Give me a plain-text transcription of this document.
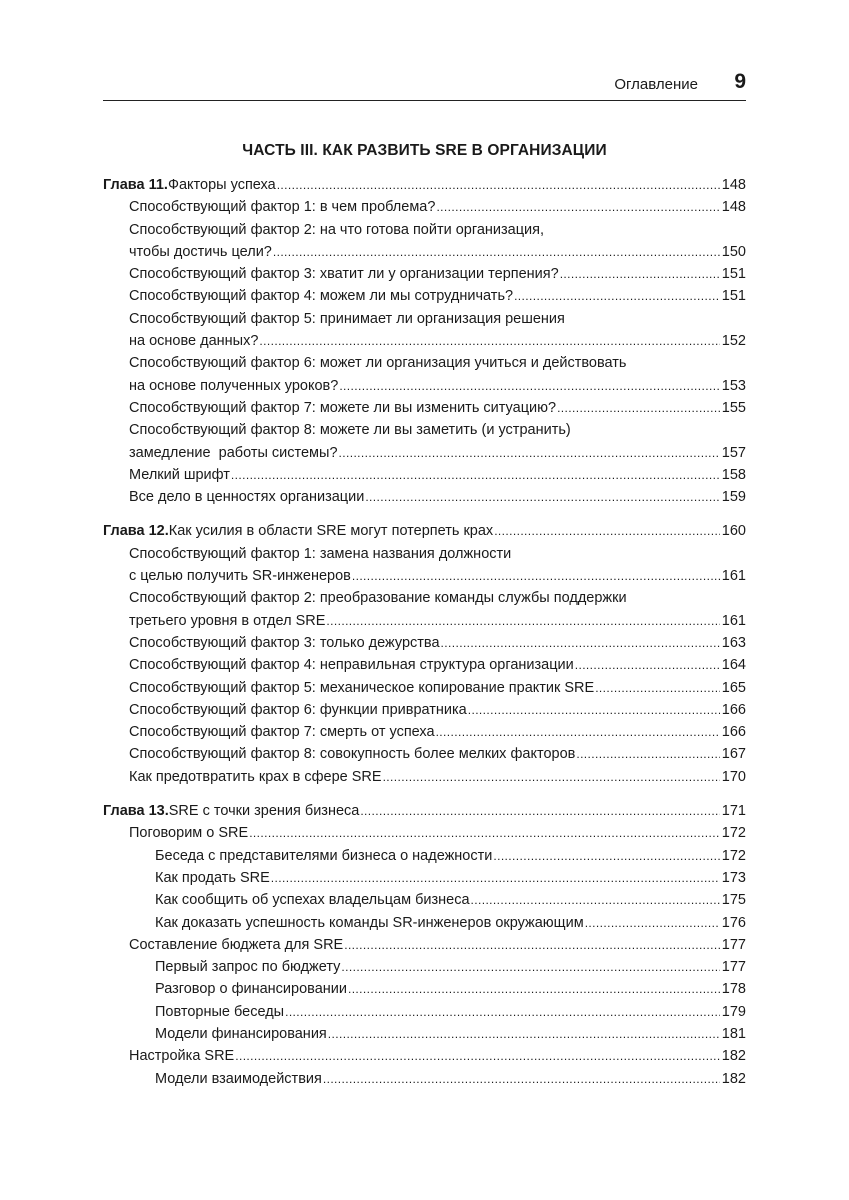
Оглавление 9
ЧАСТЬ III. КАК РАЗВИТЬ SRE В ОРГАНИЗАЦИИ
Глава 11. Факторы успеха .....	148
Способствующий фактор 1: в чем проблема? .....	148
Способствующий фактор 2: на что готова пойти организация,
чтобы достичь цели? .....	150
Способствующий фактор 3: хватит ли у организации терпения? .....	151
Способствующий фактор 4: можем ли мы сотрудничать? .....	151
Способствующий фактор 5: принимает ли организация решения
на основе данных? .....	152
Способствующий фактор 6: может ли организация учиться и действовать
на основе полученных уроков? .....	153
Способствующий фактор 7: можете ли вы изменить ситуацию? .....	155
Способствующий фактор 8: можете ли вы заметить (и устранить)
замедление  работы системы? .....	157
Мелкий шрифт .....	158
Все дело в ценностях организации .....	159
Глава 12. Как усилия в области SRE могут потерпеть крах .....	160
Способствующий фактор 1: замена названия должности
с целью получить SR-инженеров .....	161
Способствующий фактор 2: преобразование команды службы поддержки
третьего уровня в отдел SRE .....	161
Способствующий фактор 3: только дежурства .....	163
Способствующий фактор 4: неправильная структура организации .....	164
Способствующий фактор 5: механическое копирование практик SRE .....	165
Способствующий фактор 6: функции привратника .....	166
Способствующий фактор 7: смерть от успеха .....	166
Способствующий фактор 8: совокупность более мелких факторов .....	167
Как предотвратить крах в сфере SRE .....	170
Глава 13. SRE с точки зрения бизнеса .....	171
Поговорим о SRE .....	172
Беседа с представителями бизнеса о надежности .....	172
Как продать SRE .....	173
Как сообщить об успехах владельцам бизнеса .....	175
Как доказать успешность команды SR-инженеров окружающим .....	176
Составление бюджета для SRE .....	177
Первый запрос по бюджету .....	177
Разговор о финансировании .....	178
Повторные беседы .....	179
Модели финансирования .....	181
Настройка SRE .....	182
Модели взаимодействия .....	182
